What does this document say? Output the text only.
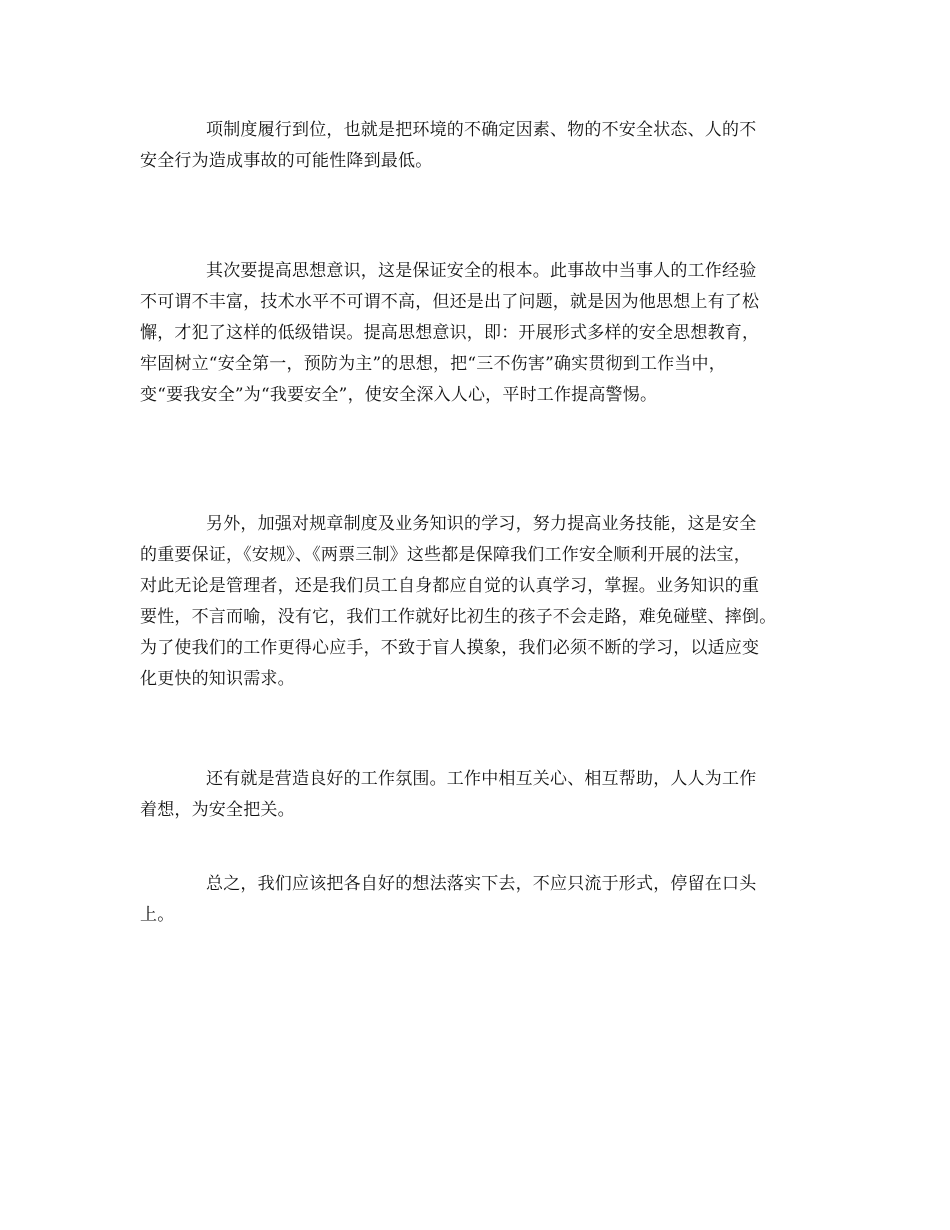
项制度履行到位，也就是把环境的不确定因素、物的不安全状态、人的不
安全行为造成事故的可能性降到最低。
其次要提高思想意识，这是保证安全的根本。此事故中当事人的工作经验
不可谓不丰富，技术水平不可谓不高，但还是出了问题，就是因为他思想上有了松
懈，才犯了这样的低级错误。提高思想意识，即：开展形式多样的安全思想教育，
牢固树立“安全第一，预防为主”的思想，把“三不伤害”确实贯彻到工作当中，
变“要我安全”为“我要安全”，使安全深入人心，平时工作提高警惕。
另外，加强对规章制度及业务知识的学习，努力提高业务技能，这是安全
的重要保证，《安规》、《两票三制》这些都是保障我们工作安全顺利开展的法宝，
对此无论是管理者，还是我们员工自身都应自觉的认真学习，掌握。业务知识的重
要性，不言而喻，没有它，我们工作就好比初生的孩子不会走路，难免碰壁、摔倒。
为了使我们的工作更得心应手，不致于盲人摸象，我们必须不断的学习，以适应变
化更快的知识需求。
还有就是营造良好的工作氛围。工作中相互关心、相互帮助，人人为工作
着想，为安全把关。
总之，我们应该把各自好的想法落实下去，不应只流于形式，停留在口头
上。
